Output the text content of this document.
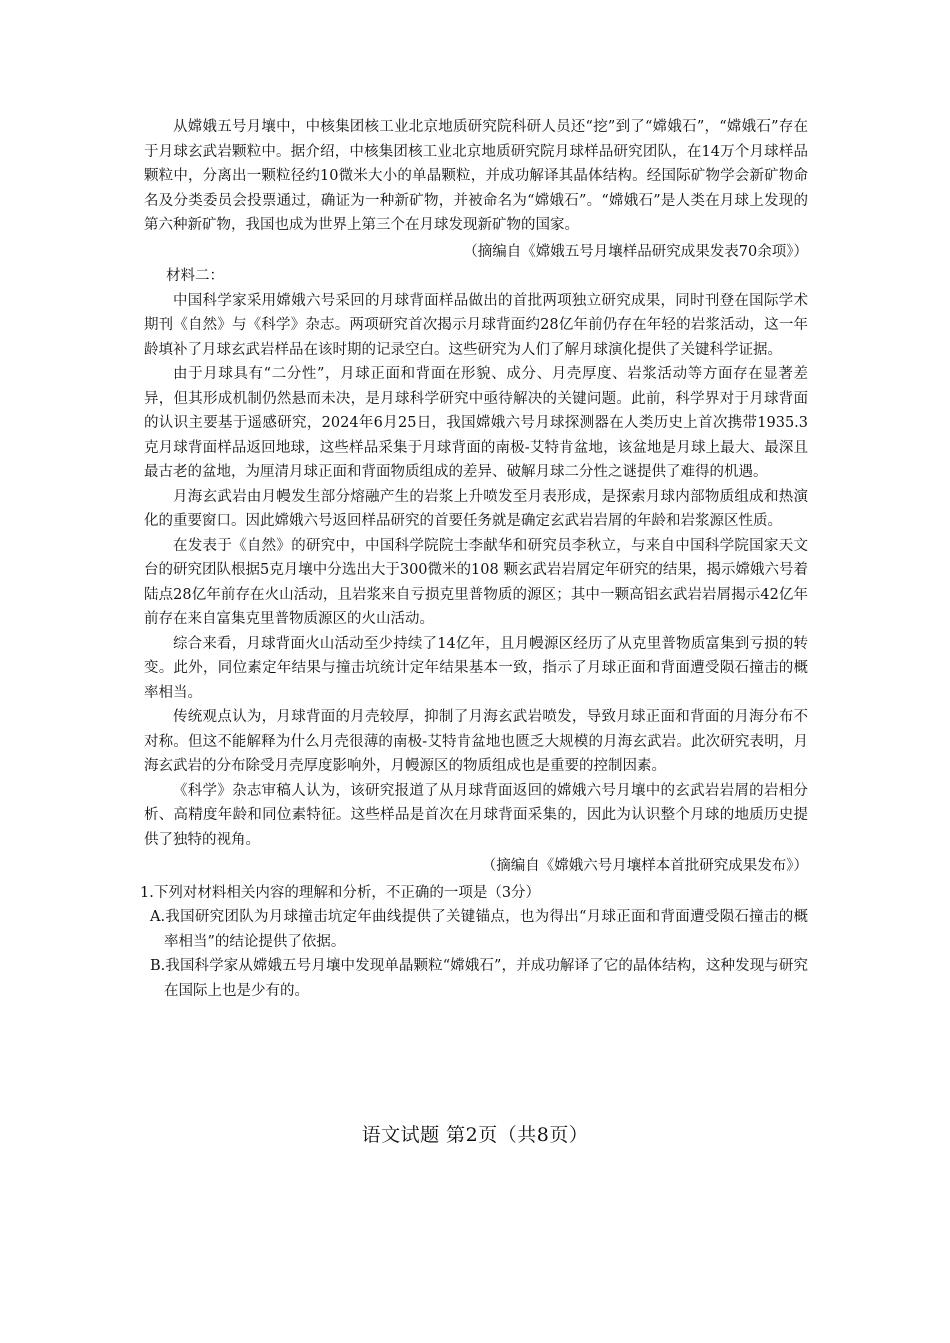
从嫦娥五号月壤中，中核集团核工业北京地质研究院科研人员还“挖”到了“嫦娥石”，“嫦娥石”存在于月球玄武岩颗粒中。据介绍，中核集团核工业北京地质研究院月球样品研究团队，在14万个月球样品颗粒中，分离出一颗粒径约10微米大小的单晶颗粒，并成功解译其晶体结构。经国际矿物学会新矿物命名及分类委员会投票通过，确证为一种新矿物，并被命名为“嫦娥石”。“嫦娥石”是人类在月球上发现的第六种新矿物，我国也成为世界上第三个在月球发现新矿物的国家。

（摘编自《嫦娥五号月壤样品研究成果发表70余项》）

材料二：

中国科学家采用嫦娥六号采回的月球背面样品做出的首批两项独立研究成果，同时刊登在国际学术期刊《自然》与《科学》杂志。两项研究首次揭示月球背面约28亿年前仍存在年轻的岩浆活动，这一年龄填补了月球玄武岩样品在该时期的记录空白。这些研究为人们了解月球演化提供了关键科学证据。

由于月球具有“二分性”，月球正面和背面在形貌、成分、月壳厚度、岩浆活动等方面存在显著差异，但其形成机制仍然悬而未决，是月球科学研究中亟待解决的关键问题。此前，科学界对于月球背面的认识主要基于遥感研究，2024年6月25日，我国嫦娥六号月球探测器在人类历史上首次携带1935.3克月球背面样品返回地球，这些样品采集于月球背面的南极-艾特肯盆地，该盆地是月球上最大、最深且最古老的盆地，为厘清月球正面和背面物质组成的差异、破解月球二分性之谜提供了难得的机遇。

月海玄武岩由月幔发生部分熔融产生的岩浆上升喷发至月表形成，是探索月球内部物质组成和热演化的重要窗口。因此嫦娥六号返回样品研究的首要任务就是确定玄武岩岩屑的年龄和岩浆源区性质。

在发表于《自然》的研究中，中国科学院院士李献华和研究员李秋立，与来自中国科学院国家天文台的研究团队根据5克月壤中分选出大于300微米的108 颗玄武岩岩屑定年研究的结果，揭示嫦娥六号着陆点28亿年前存在火山活动，且岩浆来自亏损克里普物质的源区；其中一颗高铝玄武岩岩屑揭示42亿年前存在来自富集克里普物质源区的火山活动。

综合来看，月球背面火山活动至少持续了14亿年，且月幔源区经历了从克里普物质富集到亏损的转变。此外，同位素定年结果与撞击坑统计定年结果基本一致，指示了月球正面和背面遭受陨石撞击的概率相当。

传统观点认为，月球背面的月壳较厚，抑制了月海玄武岩喷发，导致月球正面和背面的月海分布不对称。但这不能解释为什么月壳很薄的南极-艾特肯盆地也匮乏大规模的月海玄武岩。此次研究表明，月海玄武岩的分布除受月壳厚度影响外，月幔源区的物质组成也是重要的控制因素。

《科学》杂志审稿人认为，该研究报道了从月球背面返回的嫦娥六号月壤中的玄武岩岩屑的岩相分析、高精度年龄和同位素特征。这些样品是首次在月球背面采集的，因此为认识整个月球的地质历史提供了独特的视角。

（摘编自《嫦娥六号月壤样本首批研究成果发布》）

1.下列对材料相关内容的理解和分析，不正确的一项是（3分）

A.我国研究团队为月球撞击坑定年曲线提供了关键锚点，也为得出“月球正面和背面遭受陨石撞击的概率相当”的结论提供了依据。

B.我国科学家从嫦娥五号月壤中发现单晶颗粒“嫦娥石”，并成功解译了它的晶体结构，这种发现与研究在国际上也是少有的。

语文试题 第2页（共8页）
